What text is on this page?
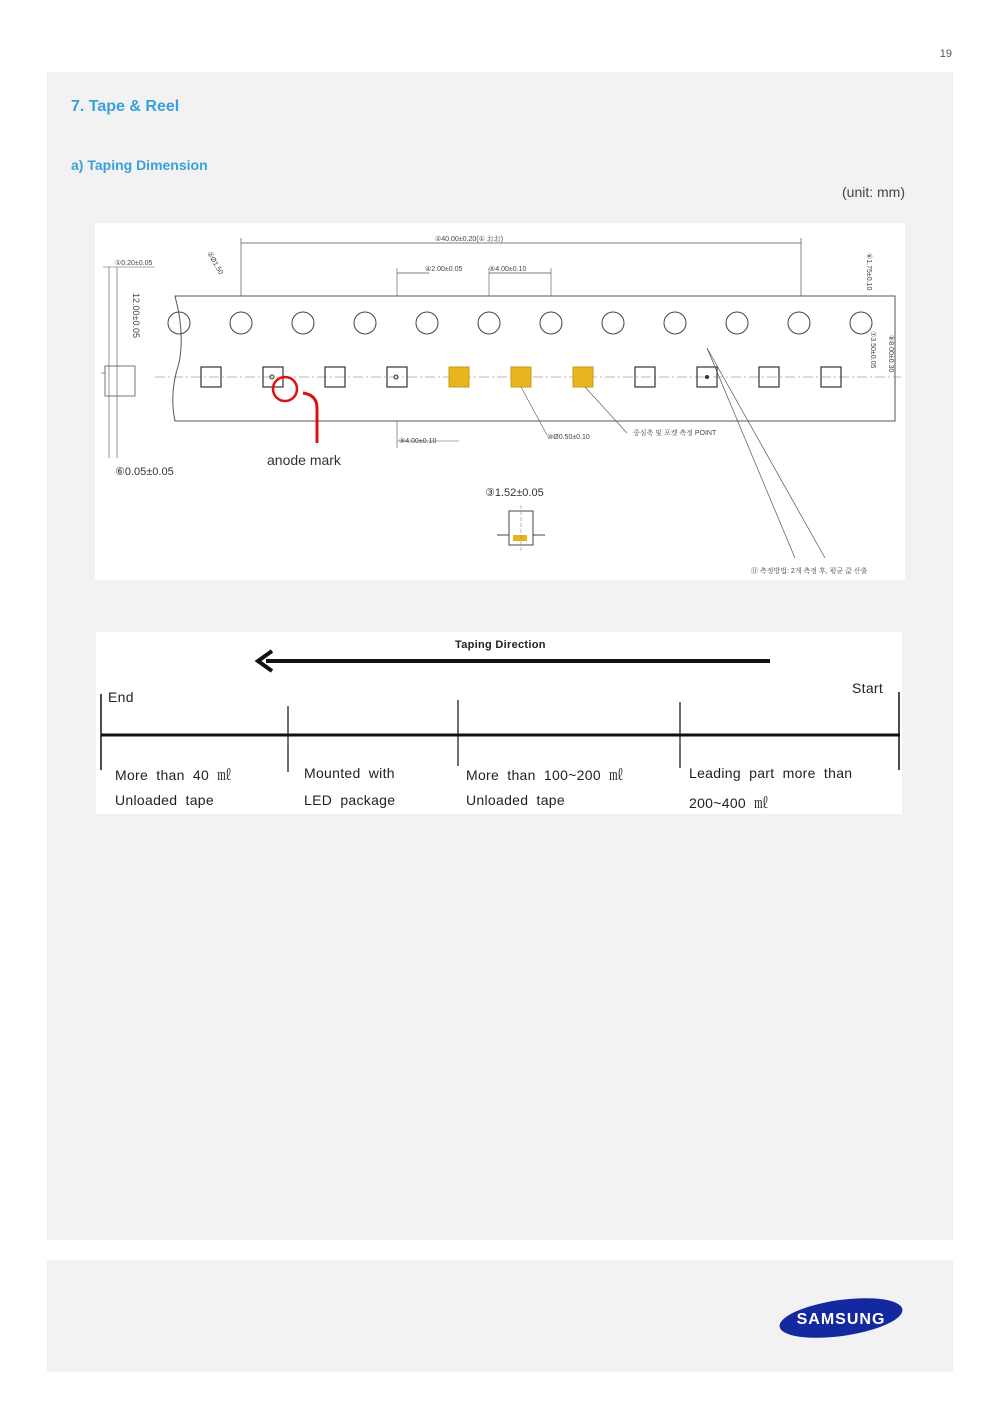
19
7. Tape & Reel
a) Taping Dimension
(unit: mm)
②40.00±0.20(① おお)
④2.00±0.05	⑤4.00±0.10
①0.20±0.05	②Ø1.50
12.00±0.05
anode mark
⑨4.00±0.10
⑩Ø0.50±0.10
중심축 및 포켓 측정 POINT
⑥1.75±0.10
⑦3.50±0.05 ⑧8.00±0.30
⑪ 측정방법: 2개 측정 후, 평균 값 산출
⑥0.05±0.05
③1.52±0.05
Taping Direction
End
Start
More than 40 ㎖
Unloaded tape
Mounted with
LED package
More than 100~200 ㎖
Unloaded tape
Leading part more than
200~400 ㎖
SAMSUNG
